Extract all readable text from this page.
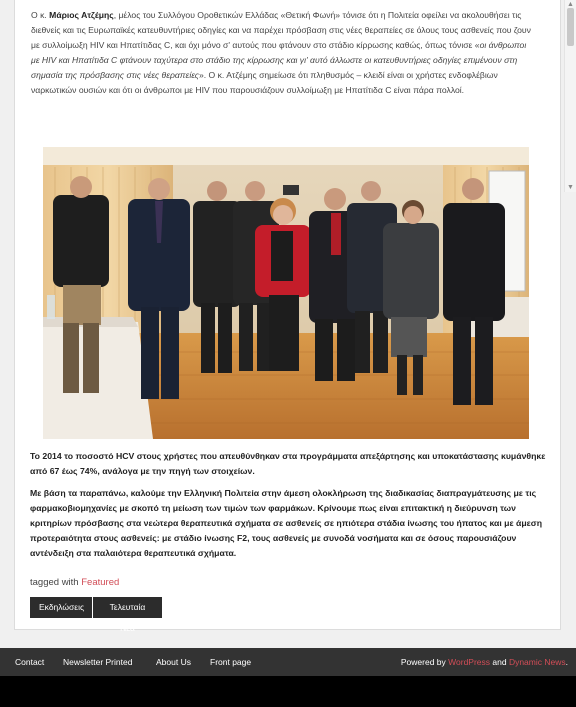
Ο κ. Μάριος Ατζέμης, μέλος του Συλλόγου Οροθετικών Ελλάδας «Θετική Φωνή» τόνισε ότι η Πολιτεία οφείλει να ακολουθήσει τις διεθνείς και τις Ευρωπαϊκές κατευθυντήριες οδηγίες και να παρέχει πρόσβαση στις νέες θεραπείες σε όλους τους ασθενείς που ζουν με συλλοίμωξη HIV και Ηπατίτιδας C, και όχι μόνο σ' αυτούς που φτάνουν στο στάδιο κίρρωσης καθώς, όπως τόνισε «οι άνθρωποι με HIV και Ηπατίτιδα C φτάνουν ταχύτερα στο στάδιο της κίρρωσης και γι' αυτό άλλωστε οι κατευθυντήριες οδηγίες επιμένουν στη σημασία της πρόσβασης στις νέες θεραπείες». Ο κ. Ατζέμης σημείωσε ότι πληθυσμός – κλειδί είναι οι χρήστες ενδοφλέβιων ναρκωτικών ουσιών και ότι οι άνθρωποι με HIV που παρουσιάζουν συλλοίμωξη με Ηπατίτιδα C είναι πάρα πολλοί.

▲
▼

Το 2014 το ποσοστό HCV στους χρήστες που απευθύνθηκαν στα προγράμματα απεξάρτησης και υποκατάστασης κυμάνθηκε από 67 έως 74%, ανάλογα με την πηγή των στοιχείων.

Με βάση τα παραπάνω, καλούμε την Ελληνική Πολιτεία στην άμεση ολοκλήρωση της διαδικασίας διαπραγμάτευσης με τις φαρμακοβιομηχανίες με σκοπό τη μείωση των τιμών των φαρμάκων. Κρίνουμε πως είναι επιτακτική η διεύρυνση των κριτηρίων πρόσβασης στα νεώτερα θεραπευτικά σχήματα σε ασθενείς σε ηπιότερα στάδια ίνωσης του ήπατος και με άμεση προτεραιότητα στους ασθενείς: με στάδιο ίνωσης F2, τους ασθενείς με συνοδά νοσήματα και σε όσους παρουσιάζουν αντένδειξη στα παλαιότερα θεραπευτικά σχήματα.

tagged with Featured
Εκδηλώσεις	Τελευταία Νέα
Contact Newsletter Printed	About Us Front page	Powered by WordPress and Dynamic News.
